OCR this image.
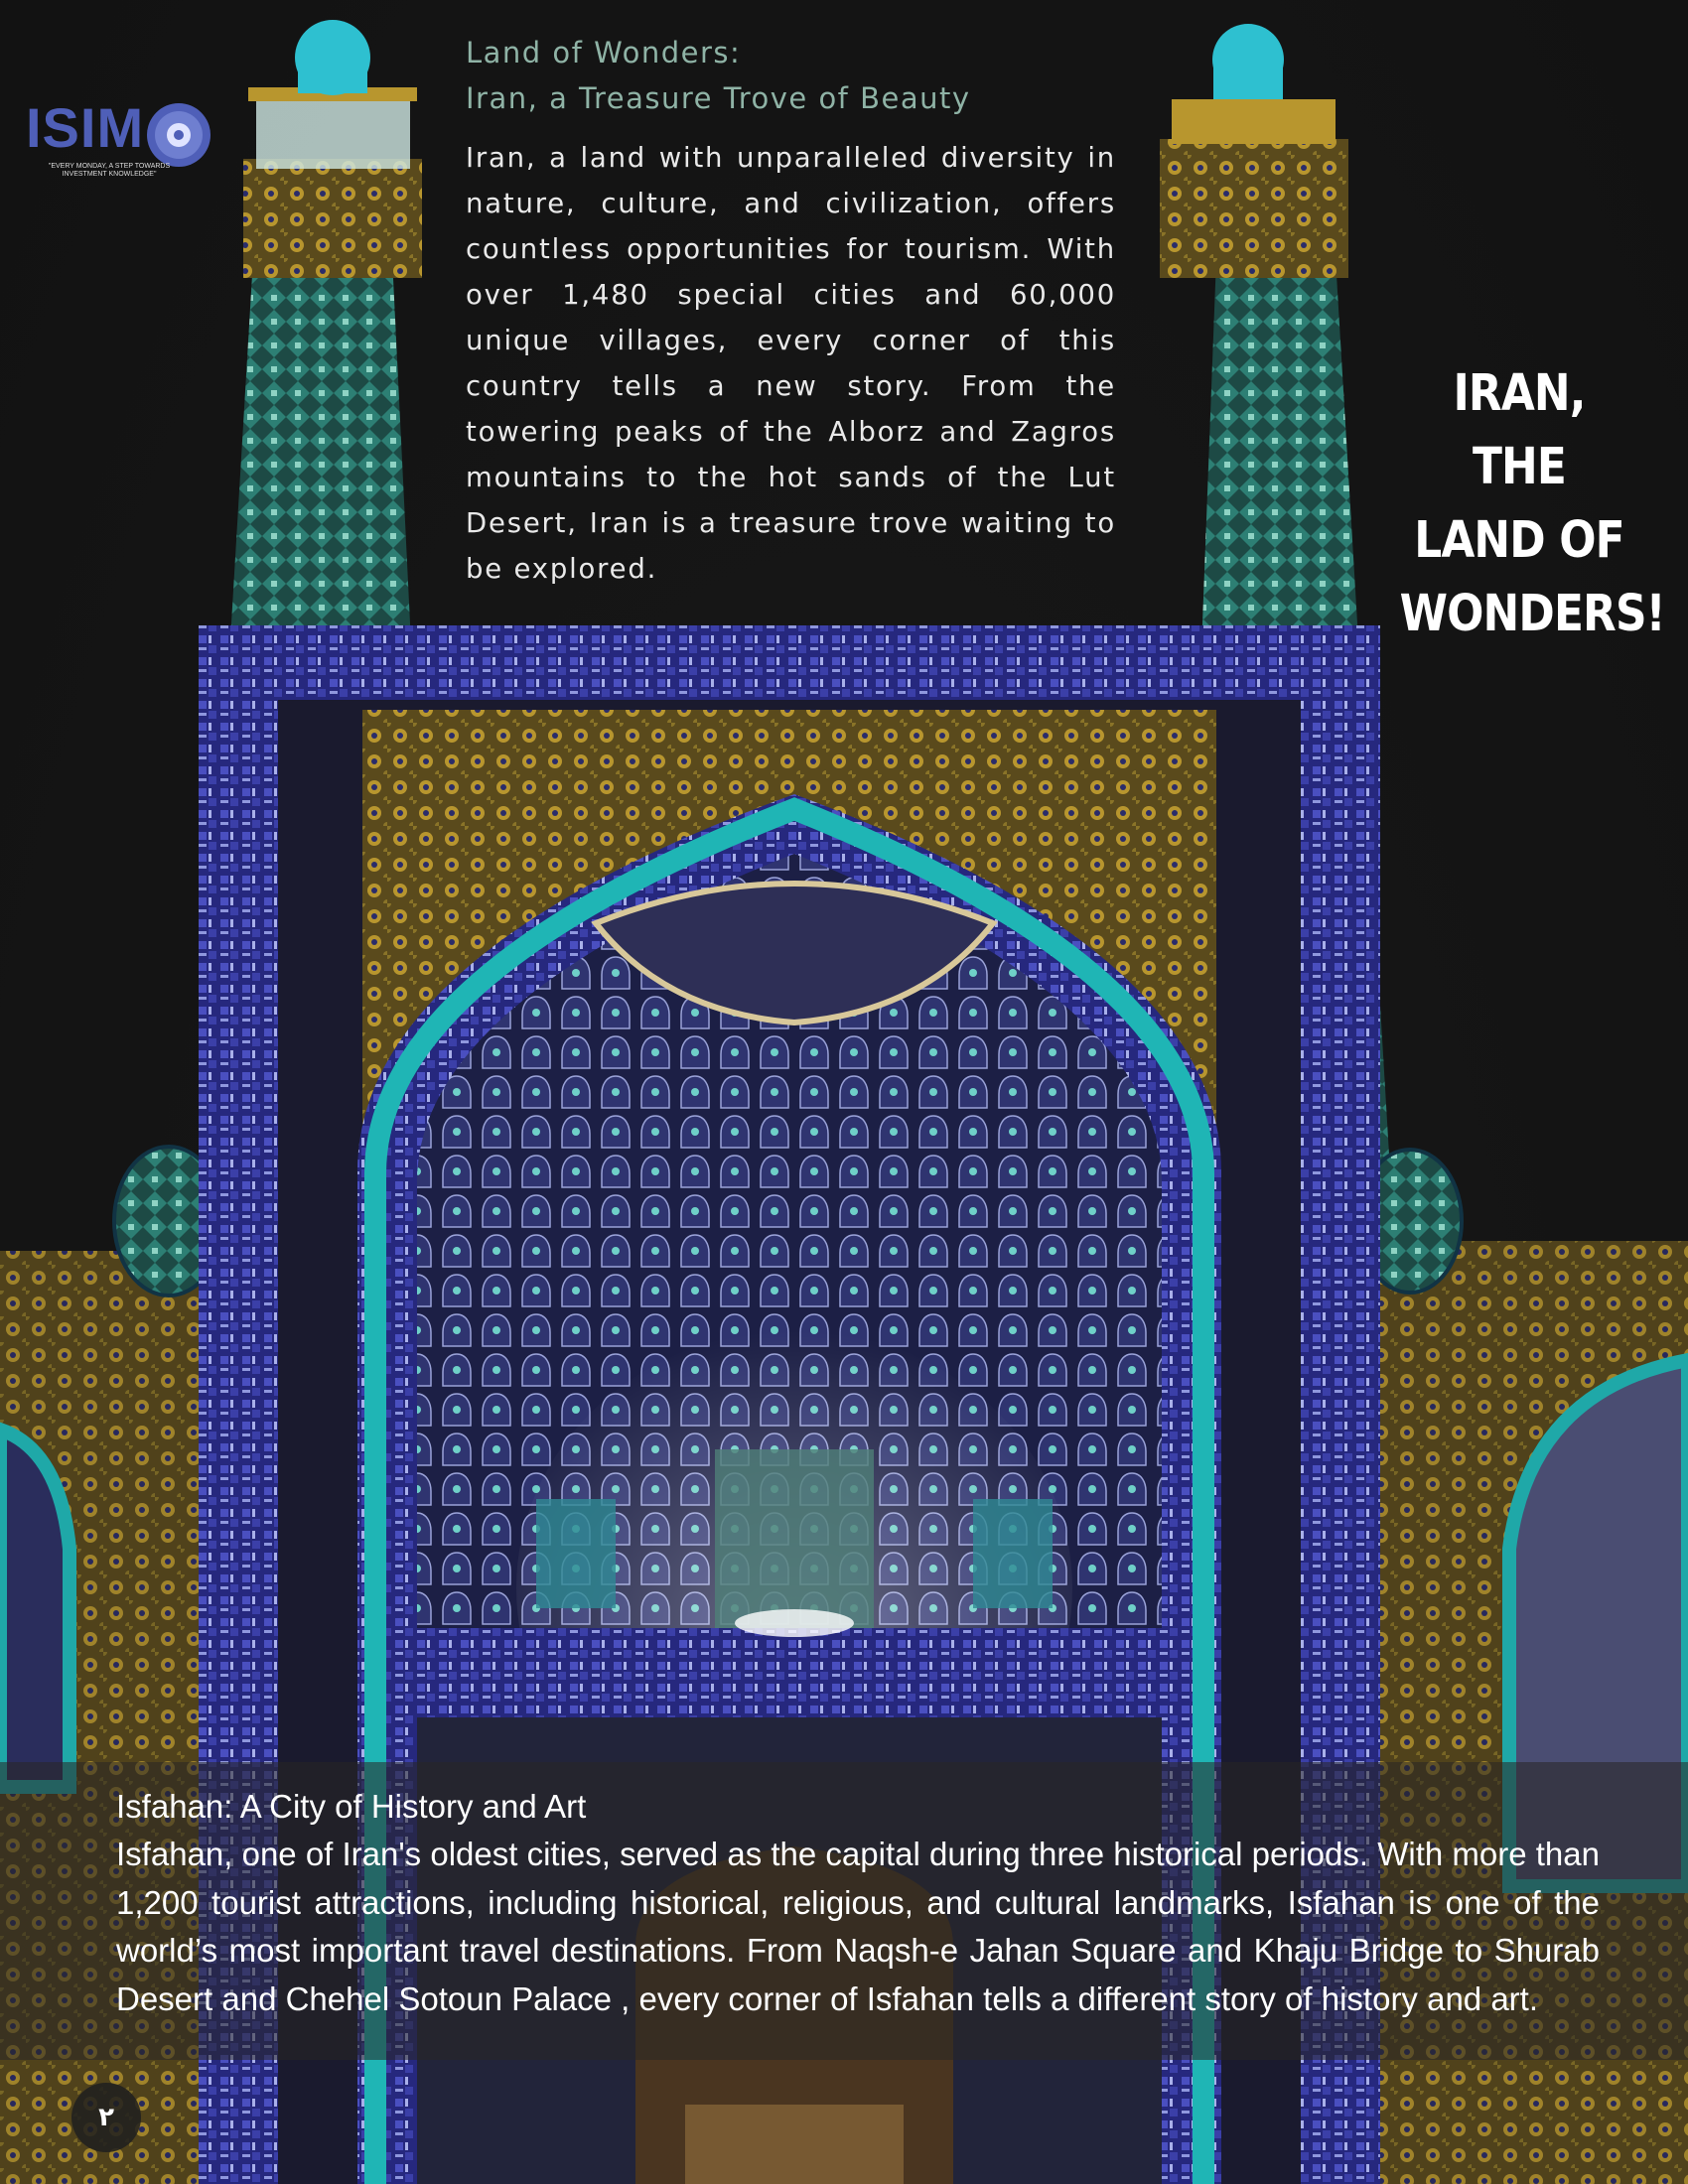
ISIM
"EVERY MONDAY, A STEP TOWARDS INVESTMENT KNOWLEDGE"
Land of Wonders:
Iran, a Treasure Trove of Beauty
Iran, a land with unparalleled diversity in nature, culture, and civilization, offers countless opportunities for tourism. With over 1,480 special cities and 60,000 unique villages, every corner of this country tells a new story. From the towering peaks of the Alborz and Zagros mountains to the hot sands of the Lut Desert, Iran is a treasure trove waiting to be explored.
IRAN, THE
LAND OF
WONDERS!
Isfahan: A City of History and Art
Isfahan, one of Iran's oldest cities, served as the capital during three historical periods. With more than 1,200 tourist attractions, including historical, religious, and cultural landmarks, Isfahan is one of the world’s most important travel destinations. From Naqsh-e Jahan Square and Khaju Bridge to Shurab Desert and Chehel Sotoun Palace , every corner of Isfahan tells a different story of history and art.
۲
